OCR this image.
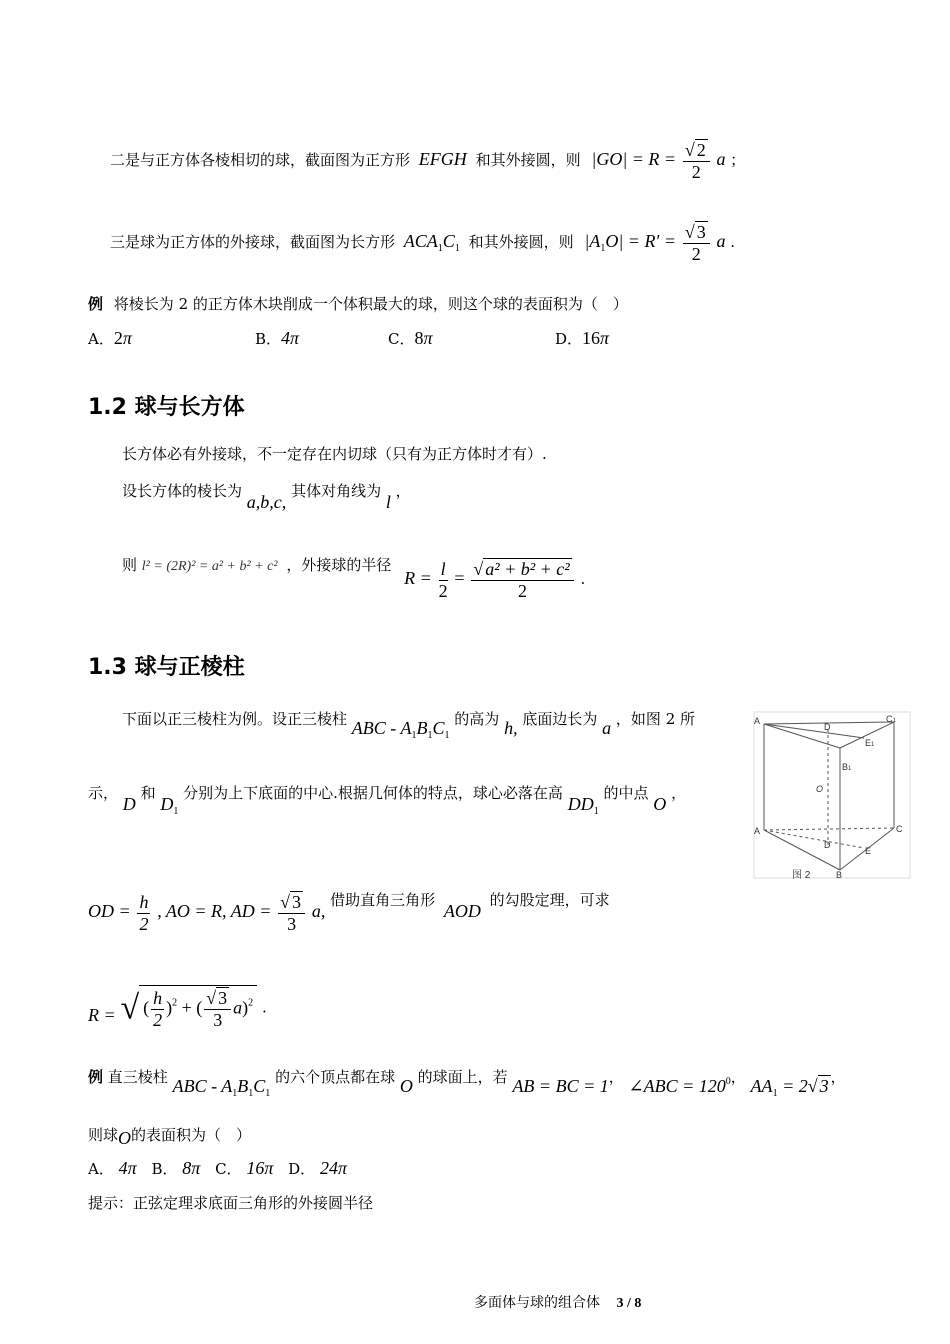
二是与正方体各棱相切的球，截面图为正方形 EFGH 和其外接圆，则 $|GO| = R = \frac{√ 2}{2}$ a ；
三是球为正方体的外接球，截面图为长方形 $ACA_1C_1$ 和其外接圆，则 $|A_1O| = R' = \frac{√ 3}{2}$ a .
例 将棱长为 2 的正方体木块削成一个体积最大的球，则这个球的表面积为（　）
A．2π	B．4π	C．8π	D．16π
1.2 球与长方体
长方体必有外接球，不一定存在内切球（只有为正方体时才有）.
设长方体的棱长为 a,b,c, 其体对角线为 l ，
则 l² = (2R)² = a² + b² + c² ，外接球的半径 $R = \frac{l}{2} = \frac{\text{√ a² + b² + c²}}{2}$ .
1.3 球与正棱柱
下面以正三棱柱为例。设正三棱柱 ABC - $A_1B_1C_1$ 的高为 h, 底面边长为 a ，如图 2 所
示， D 和 $D_1$ 分别为上下底面的中心.根据几何体的特点，球心必落在高 $DD_1$ 的中点 O ，
OD = $\frac{h}{2}$ , AO = R, AD = $\frac{√ 3}{3} a$, 借助直角三角形 AOD 的勾股定理，可求
R = √ ( $\frac{h}{2} )^2$ + ( $\frac{√ 3}{3} a)^2$ .
A
D
C1
E1
B1
O
A
D
C
E
B
图 2
例 直三棱柱 ABC - $A_1B_1C_1$ 的六个顶点都在球 O 的球面上，若 AB = BC = 1， ∠ABC = $120^0$， $AA_1 = 2√$ 3 ，
则球O的表面积为（　）
A． 4π B． 8π C． 16π D． 24π
提示：正弦定理求底面三角形的外接圆半径
多面体与球的组合体 3 / 8
